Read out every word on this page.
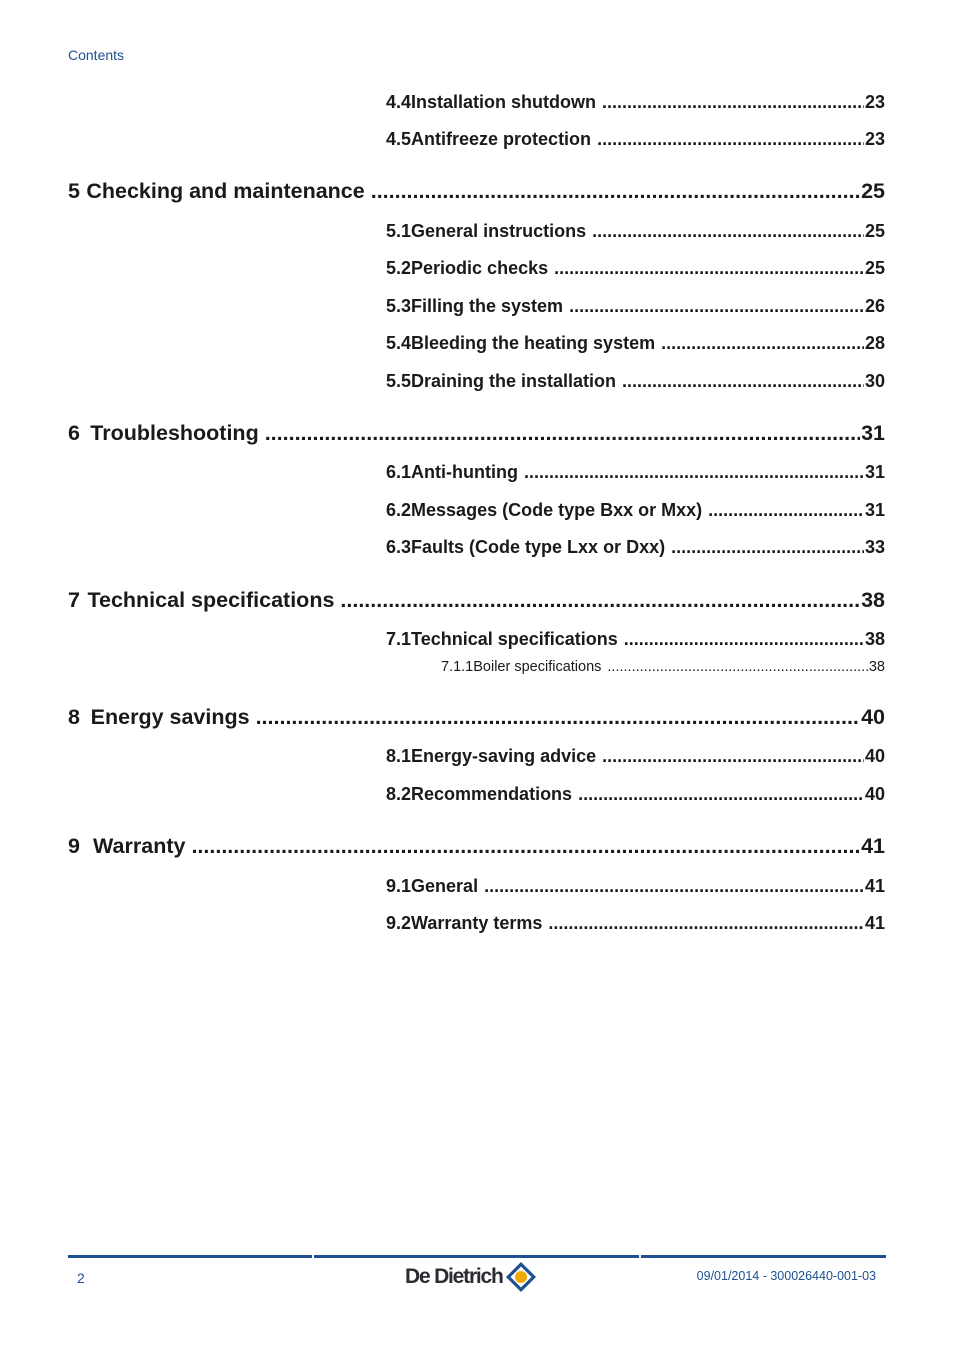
Contents
4.4 Installation shutdown .....	23
4.5 Antifreeze protection .....	23
5 Checking and maintenance .....	25
5.1 General instructions .....	25
5.2 Periodic checks .....	25
5.3 Filling the system .....	26
5.4 Bleeding the heating system .....	28
5.5 Draining the installation .....	30
6 Troubleshooting .....	31
6.1 Anti-hunting .....	31
6.2 Messages (Code type Bxx or Mxx) .....	31
6.3 Faults (Code type Lxx or Dxx) .....	33
7 Technical specifications .....	38
7.1 Technical specifications .....	38
7.1.1 Boiler specifications .....	38
8 Energy savings .....	40
8.1 Energy-saving advice .....	40
8.2 Recommendations .....	40
9 Warranty .....	41
9.1 General .....	41
9.2 Warranty terms .....	41
2	De Dietrich	09/01/2014 - 300026440-001-03
